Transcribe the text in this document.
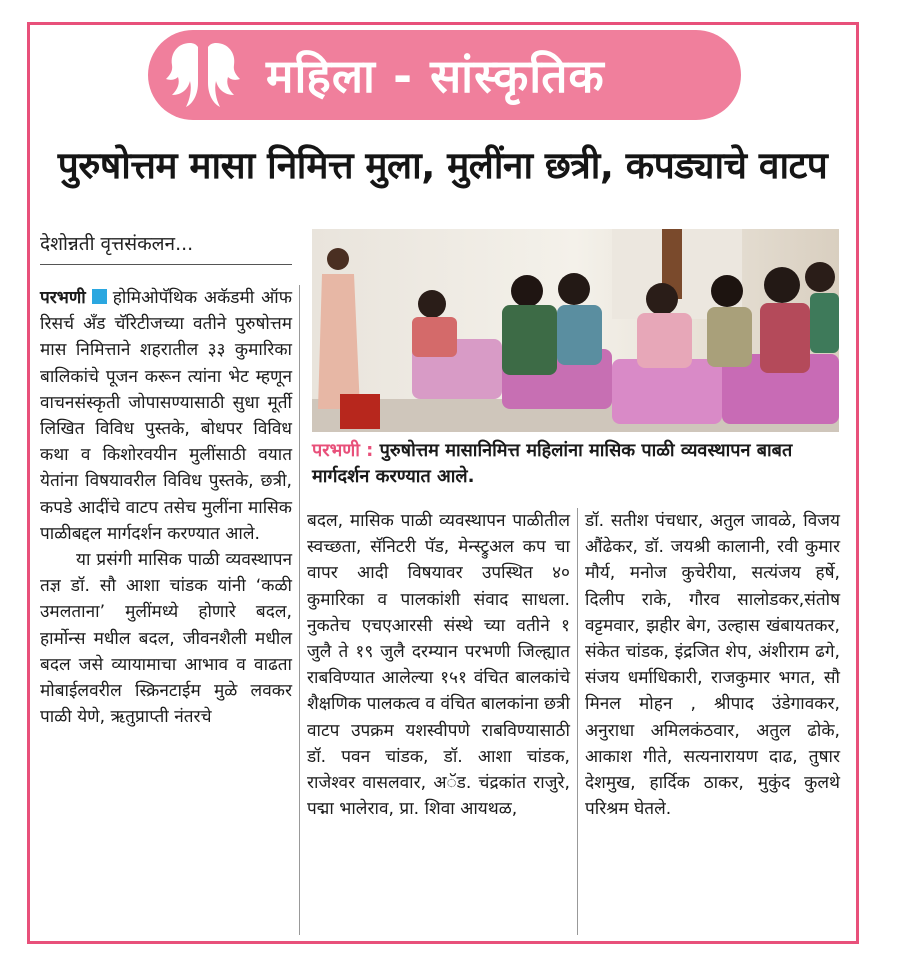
महिला - सांस्कृतिक
पुरुषोत्तम मासा निमित्त मुला, मुलींना छत्री, कपड्याचे वाटप
देशोन्नती वृत्तसंकलन...

परभणी होमिओपॅथिक अकॅडमी ऑफ रिसर्च अँड चॅरिटीजच्या वतीने पुरुषोत्तम मास निमित्ताने शहरातील ३३ कुमारिका बालिकांचे पूजन करून त्यांना भेट म्हणून वाचनसंस्कृती जोपासण्यासाठी सुधा मूर्ती लिखित विविध पुस्तके, बोधपर विविध कथा व किशोरवयीन मुलींसाठी वयात येतांना विषयावरील विविध पुस्तके, छत्री, कपडे आदींचे वाटप तसेच मुलींना मासिक पाळीबद्दल मार्गदर्शन करण्यात आले.

या प्रसंगी मासिक पाळी व्यवस्थापन तज्ञ डॉ. सौ आशा चांडक यांनी ‘कळी उमलताना’ मुलींमध्ये होणारे बदल, हार्मोन्स मधील बदल, जीवनशैली मधील बदल जसे व्यायामाचा आभाव व वाढता मोबाईलवरील स्क्रिनटाईम मुळे लवकर पाळी येणे, ऋतुप्राप्ती नंतरचे

परभणी : पुरुषोत्तम मासानिमित्त महिलांना मासिक पाळी व्यवस्थापन बाबत मार्गदर्शन करण्यात आले.

बदल, मासिक पाळी व्यवस्थापन पाळीतील स्वच्छता, सॅनिटरी पॅड, मेन्स्ट्रुअल कप चा वापर आदी विषयावर उपस्थित ४० कुमारिका व पालकांशी संवाद साधला. नुकतेच एचएआरसी संस्थे च्या वतीने १ जुलै ते १९ जुलै दरम्यान परभणी जिल्ह्यात राबविण्यात आलेल्या १५१ वंचित बालकांचे शैक्षणिक पालकत्व व वंचित बालकांना छत्री वाटप उपक्रम यशस्वीपणे राबविण्यासाठी डॉ. पवन चांडक, डॉ. आशा चांडक, राजेश्वर वासलवार, अॅड. चंद्रकांत राजुरे, पद्मा भालेराव, प्रा. शिवा आयथळ,

डॉ. सतीश पंचधार, अतुल जावळे, विजय औंढेकर, डॉ. जयश्री कालानी, रवी कुमार मौर्य, मनोज कुचेरीया, सत्यंजय हर्षे, दिलीप राके, गौरव सालोडकर,संतोष वट्टमवार, झहीर बेग, उल्हास खंबायतकर, संकेत चांडक, इंद्रजित शेप, अंशीराम ढगे, संजय धर्माधिकारी, राजकुमार भगत, सौ मिनल मोहन , श्रीपाद उंडेगावकर, अनुराधा अमिलकंठवार, अतुल ढोके, आकाश गीते, सत्यनारायण दाढ, तुषार देशमुख, हार्दिक ठाकर, मुकुंद कुलथे परिश्रम घेतले.
